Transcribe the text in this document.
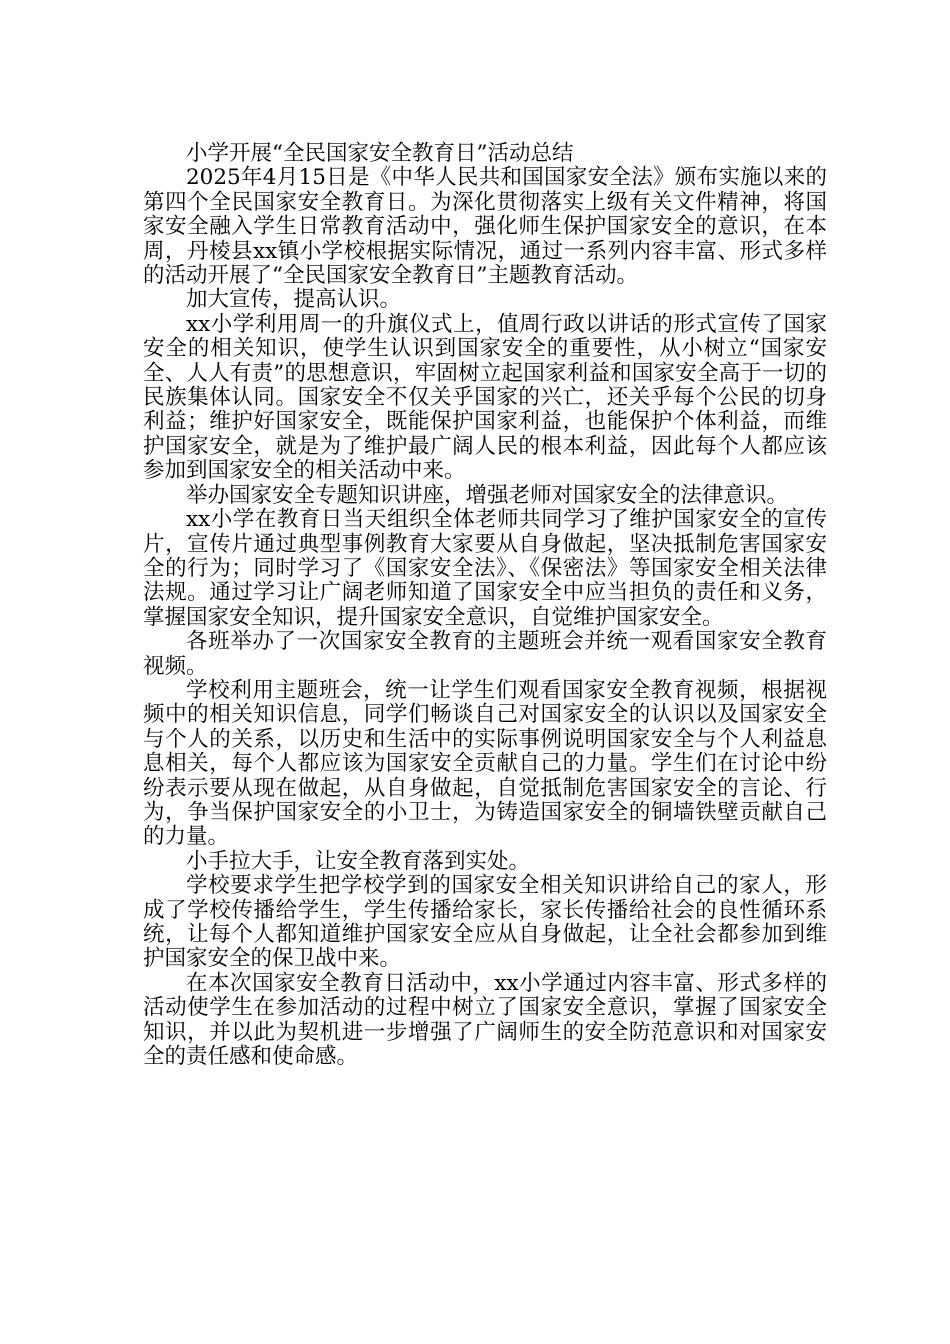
小学开展“全民国家安全教育日”活动总结

2025年4月15日是《中华人民共和国国家安全法》颁布实施以来的第四个全民国家安全教育日。为深化贯彻落实上级有关文件精神，将国家安全融入学生日常教育活动中，强化师生保护国家安全的意识，在本周，丹棱县xx镇小学校根据实际情况，通过一系列内容丰富、形式多样的活动开展了“全民国家安全教育日”主题教育活动。

加大宣传，提高认识。

xx小学利用周一的升旗仪式上，值周行政以讲话的形式宣传了国家安全的相关知识，使学生认识到国家安全的重要性，从小树立“国家安全、人人有责”的思想意识，牢固树立起国家利益和国家安全高于一切的民族集体认同。国家安全不仅关乎国家的兴亡，还关乎每个公民的切身利益；维护好国家安全，既能保护国家利益，也能保护个体利益，而维护国家安全，就是为了维护最广阔人民的根本利益，因此每个人都应该参加到国家安全的相关活动中来。

举办国家安全专题知识讲座，增强老师对国家安全的法律意识。

xx小学在教育日当天组织全体老师共同学习了维护国家安全的宣传片，宣传片通过典型事例教育大家要从自身做起，坚决抵制危害国家安全的行为；同时学习了《国家安全法》、《保密法》等国家安全相关法律法规。通过学习让广阔老师知道了国家安全中应当担负的责任和义务，掌握国家安全知识，提升国家安全意识，自觉维护国家安全。

各班举办了一次国家安全教育的主题班会并统一观看国家安全教育视频。

学校利用主题班会，统一让学生们观看国家安全教育视频，根据视频中的相关知识信息，同学们畅谈自己对国家安全的认识以及国家安全与个人的关系，以历史和生活中的实际事例说明国家安全与个人利益息息相关，每个人都应该为国家安全贡献自己的力量。学生们在讨论中纷纷表示要从现在做起，从自身做起，自觉抵制危害国家安全的言论、行为，争当保护国家安全的小卫士，为铸造国家安全的铜墙铁壁贡献自己的力量。

小手拉大手，让安全教育落到实处。

学校要求学生把学校学到的国家安全相关知识讲给自己的家人，形成了学校传播给学生，学生传播给家长，家长传播给社会的良性循环系统，让每个人都知道维护国家安全应从自身做起，让全社会都参加到维护国家安全的保卫战中来。

在本次国家安全教育日活动中，xx小学通过内容丰富、形式多样的活动使学生在参加活动的过程中树立了国家安全意识，掌握了国家安全知识，并以此为契机进一步增强了广阔师生的安全防范意识和对国家安全的责任感和使命感。
